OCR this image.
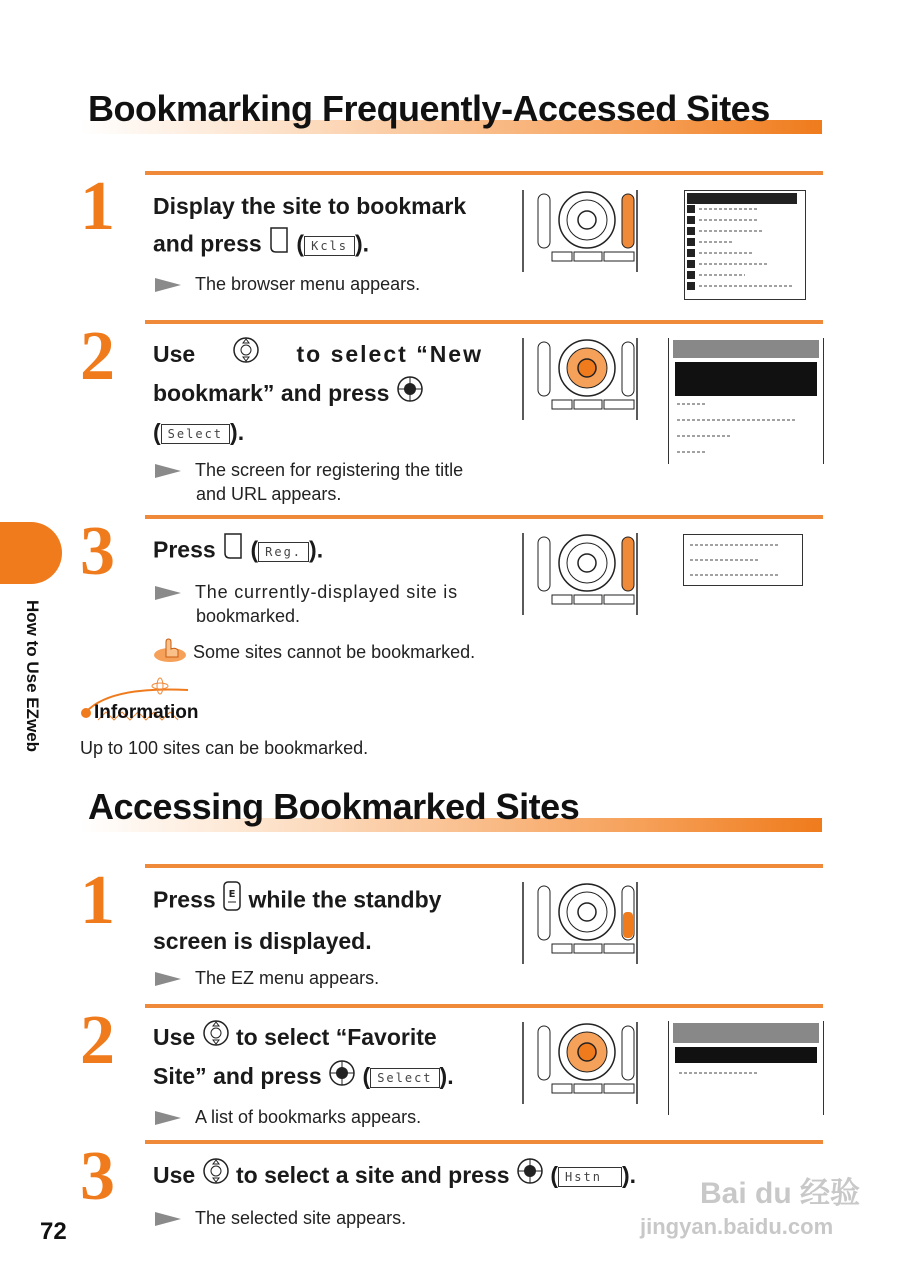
Bookmarking Frequently-Accessed Sites
1 Display the site to bookmark
and press  ( Kcls ).
The browser menu appears.
2 Use	to select “New
bookmark” and press
( Select ).
The screen for registering the title
and URL appears.
3 Press  ( Reg. ).
The currently-displayed site is
bookmarked.
Some sites cannot be bookmarked.
Information
Up to 100 sites can be bookmarked.
Accessing Bookmarked Sites
1 Press E while the standby
screen is displayed.
The EZ menu appears.
2 Use to select “Favorite
Site” and press  ( Select ).
A list of bookmarks appears.
3 Use to select a site and press  ( Hstn ).
The selected site appears.
How to Use EZweb
72
Bai du 经验
jingyan.baidu.com
